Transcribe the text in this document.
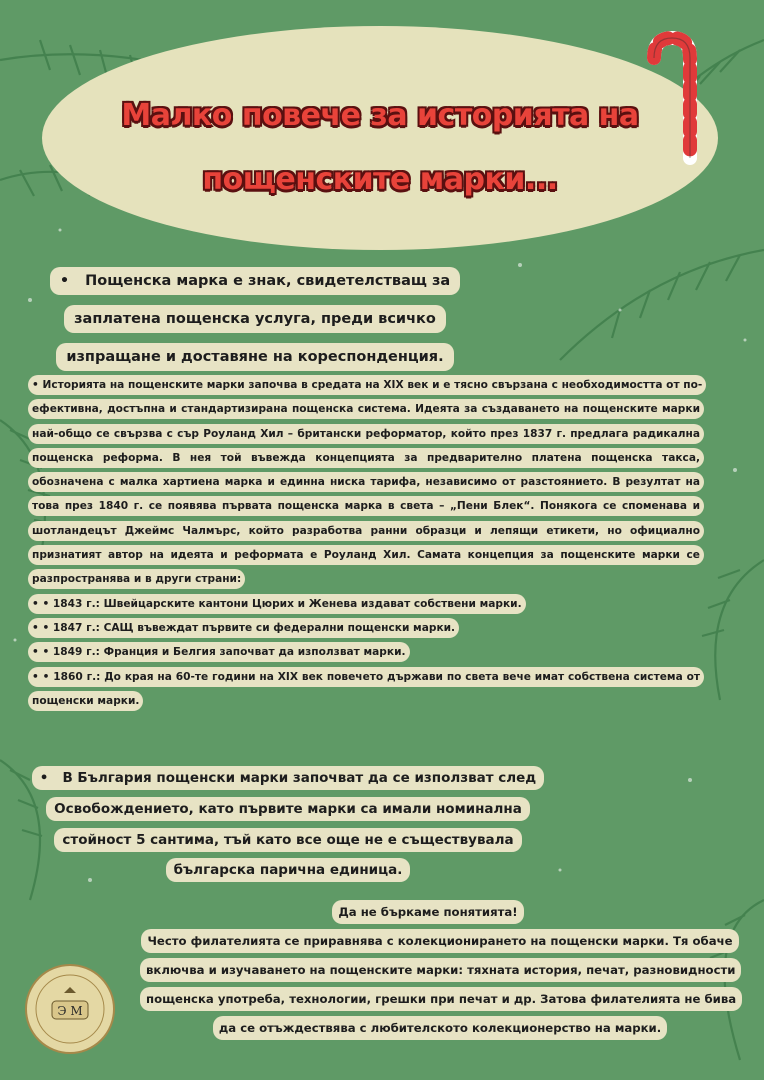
Малко повече за историята на
пощенските марки...
• Пощенска марка е знак, свидетелстващ за заплатена пощенска услуга, преди всичко изпращане и доставяне на кореспонденция.

• Историята на пощенските марки започва в средата на XIX век и е тясно свързана с необходимостта от по-ефективна, достъпна и стандартизирана пощенска система. Идеята за създаването на пощенските марки най-общо се свързва с сър Роуланд Хил – британски реформатор, който през 1837 г. предлага радикална пощенска реформа. В нея той въвежда концепцията за предварително платена пощенска такса, обозначена с малка хартиена марка и единна ниска тарифа, независимо от разстоянието. В резултат на това през 1840 г. се появява първата пощенска марка в света – „Пени Блек“. Понякога се споменава и шотландецът Джеймс Чалмърс, който разработва ранни образци и лепящи етикети, но официално признатият автор на идеята и реформата е Роуланд Хил. Самата концепция за пощенските марки се разпространява и в други страни:

• • 1843 г.: Швейцарските кантони Цюрих и Женева издават собствени марки.

• • 1847 г.: САЩ въвеждат първите си федерални пощенски марки.

• • 1849 г.: Франция и Белгия започват да използват марки.

• • 1860 г.: До края на 60-те години на XIX век повечето държави по света вече имат собствена система от пощенски марки.

• В България пощенски марки започват да се използват след Освобождението, като първите марки са имали номинална стойност 5 сантима, тъй като все още не е съществувала българска парична единица.
Да не бъркаме понятията!
Често филателията се приравнява с колекционирането на пощенски марки. Тя обаче включва и изучаването на пощенските марки: тяхната история, печат, разновидности пощенска употреба, технологии, грешки при печат и др. Затова филателията не бива да се отъждествява с любителското колекционерство на марки.
Э М
